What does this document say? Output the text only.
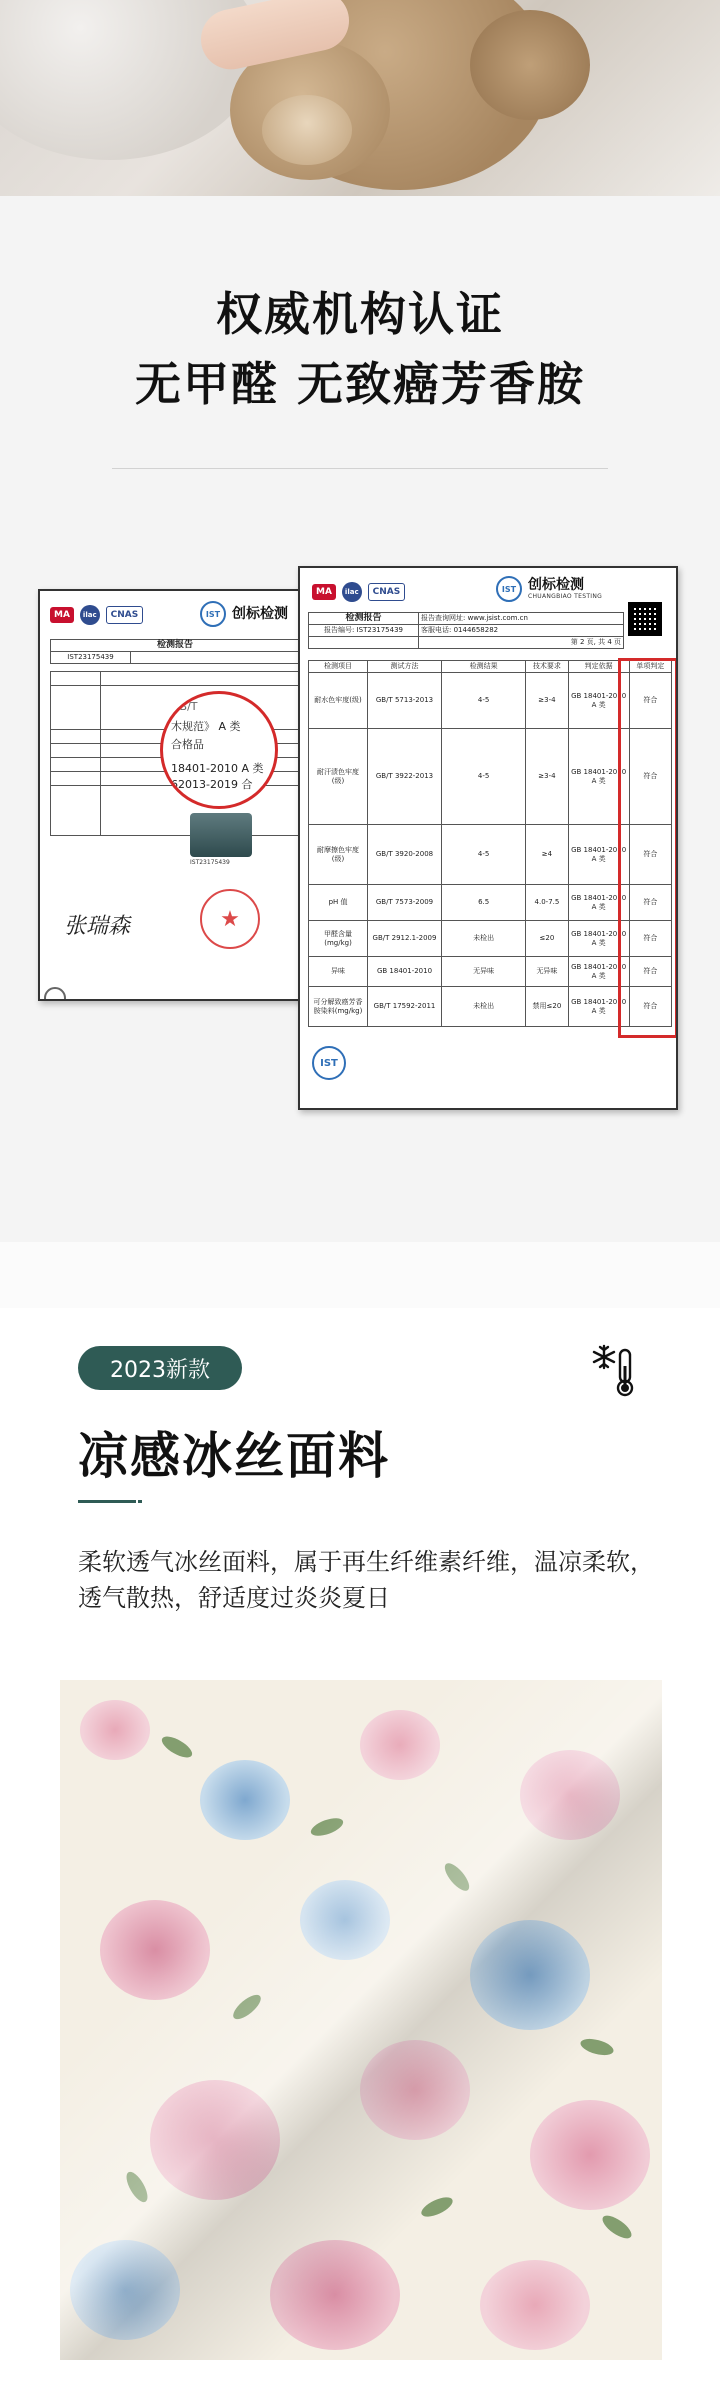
权威机构认证
无甲醛 无致癌芳香胺
MA	ilac	CNAS	IST 创标检测
检测报告
IST23175439	

GB/T
木规范》 A 类
合格品
18401-2010 A 类
62013-2019 合
IST23175439
张瑞森	★
MA	ilac	CNAS	IST 创标检测
CHUANGBIAO TESTING
检测报告	报告查询网址: www.jsist.com.cn
报告编号: IST23175439	客服电话: 0144658282
	第 2 页, 共 4 页
检测项目	测试方法	检测结果	技术要求	判定依据	单项判定
耐水色牢度(级)	GB/T 5713-2013	4-5	≥3-4	GB 18401-2010 A 类	符合
耐汗渍色牢度(级)	GB/T 3922-2013	4-5	≥3-4	GB 18401-2010 A 类	符合
耐摩擦色牢度(级)	GB/T 3920-2008	4-5	≥4	GB 18401-2010 A 类	符合
pH 值	GB/T 7573-2009	6.5	4.0-7.5	GB 18401-2010 A 类	符合
甲醛含量(mg/kg)	GB/T 2912.1-2009	未检出	≤20	GB 18401-2010 A 类	符合
异味	GB 18401-2010	无异味	无异味	GB 18401-2010 A 类	符合
可分解致癌芳香胺染料(mg/kg)	GB/T 17592-2011	未检出	禁用≤20	GB 18401-2010 A 类	符合
IST
2023新款
凉感冰丝面料

柔软透气冰丝面料，属于再生纤维素纤维，温凉柔软，透气散热，舒适度过炎炎夏日
